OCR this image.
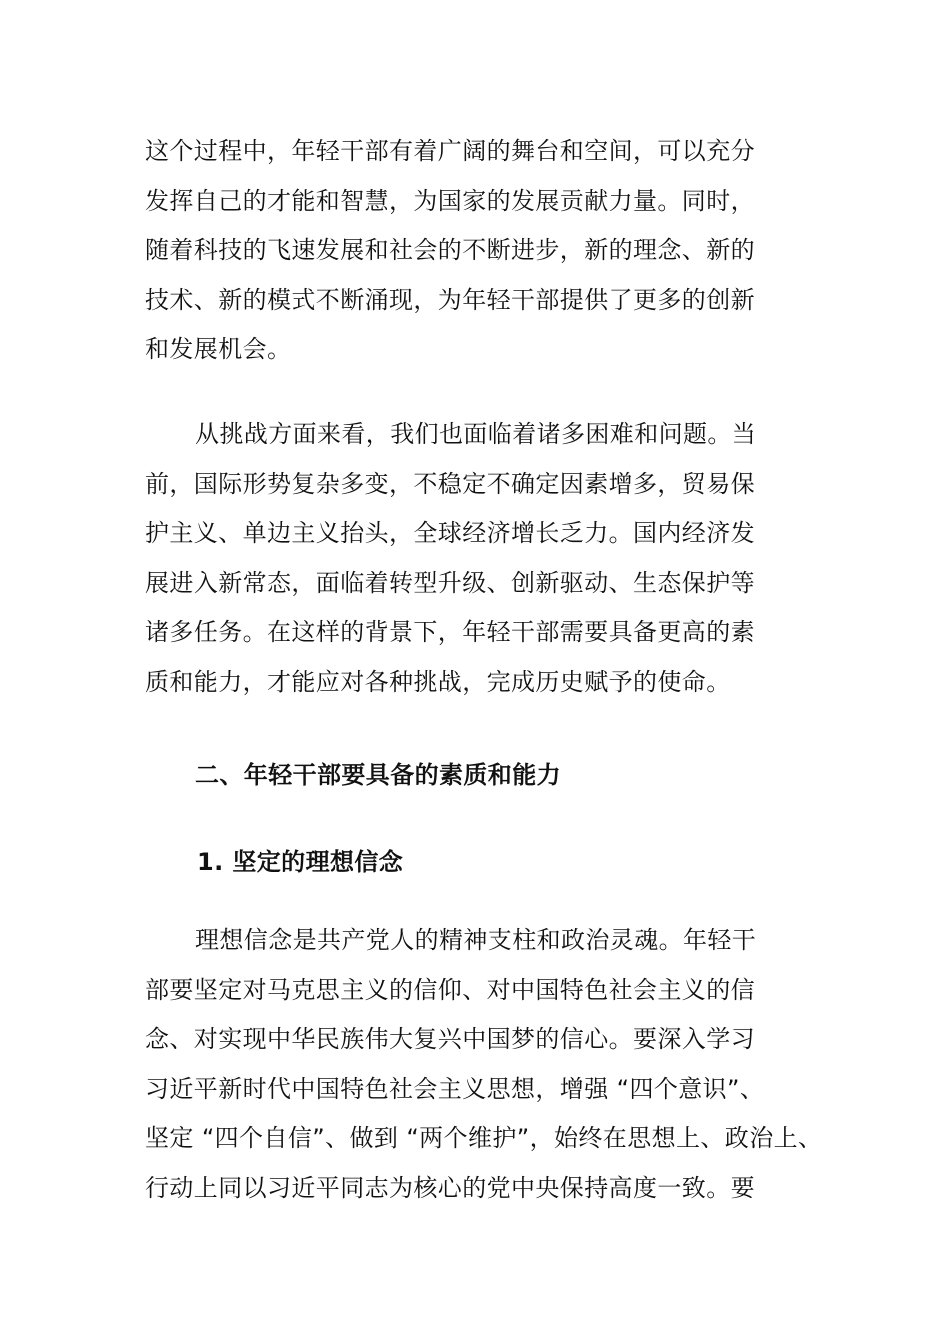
这个过程中，年轻干部有着广阔的舞台和空间，可以充分
发挥自己的才能和智慧，为国家的发展贡献力量。同时，
随着科技的飞速发展和社会的不断进步，新的理念、新的
技术、新的模式不断涌现，为年轻干部提供了更多的创新
和发展机会。
从挑战方面来看，我们也面临着诸多困难和问题。当
前，国际形势复杂多变，不稳定不确定因素增多，贸易保
护主义、单边主义抬头，全球经济增长乏力。国内经济发
展进入新常态，面临着转型升级、创新驱动、生态保护等
诸多任务。在这样的背景下，年轻干部需要具备更高的素
质和能力，才能应对各种挑战，完成历史赋予的使命。
二、年轻干部要具备的素质和能力
1. 坚定的理想信念
理想信念是共产党人的精神支柱和政治灵魂。年轻干
部要坚定对马克思主义的信仰、对中国特色社会主义的信
念、对实现中华民族伟大复兴中国梦的信心。要深入学习
习近平新时代中国特色社会主义思想，增强 “四个意识”、
坚定 “四个自信”、做到 “两个维护”，始终在思想上、政治上、
行动上同以习近平同志为核心的党中央保持高度一致。要
